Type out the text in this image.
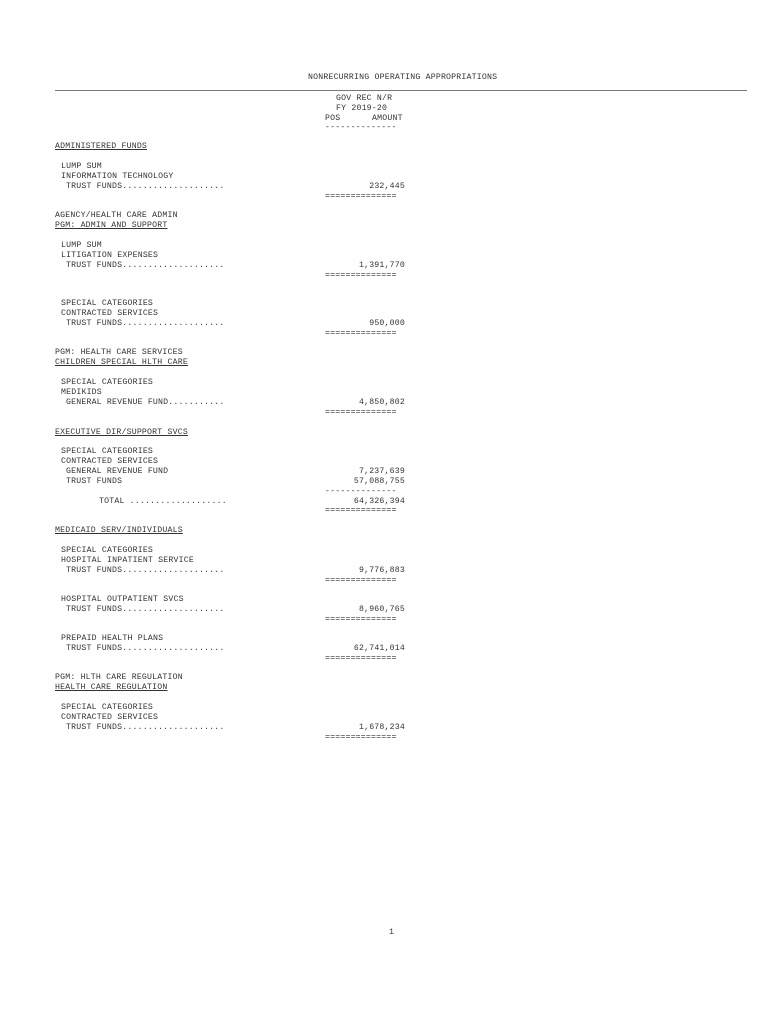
NONRECURRING OPERATING APPROPRIATIONS
GOV REC N/R
FY 2019-20
POS	AMOUNT
--------------
ADMINISTERED FUNDS
LUMP SUM
INFORMATION TECHNOLOGY
TRUST FUNDS....................	232,445
==============
AGENCY/HEALTH CARE ADMIN
PGM: ADMIN AND SUPPORT
LUMP SUM
LITIGATION EXPENSES
TRUST FUNDS....................	1,391,770
==============
SPECIAL CATEGORIES
CONTRACTED SERVICES
TRUST FUNDS....................	950,000
==============
PGM: HEALTH CARE SERVICES
CHILDREN SPECIAL HLTH CARE
SPECIAL CATEGORIES
MEDIKIDS
GENERAL REVENUE FUND...........	4,850,802
==============
EXECUTIVE DIR/SUPPORT SVCS
SPECIAL CATEGORIES
CONTRACTED SERVICES
GENERAL REVENUE FUND	7,237,639
TRUST FUNDS	57,088,755
--------------
TOTAL ...................	64,326,394
==============
MEDICAID SERV/INDIVIDUALS
SPECIAL CATEGORIES
HOSPITAL INPATIENT SERVICE
TRUST FUNDS....................	9,776,883
==============
HOSPITAL OUTPATIENT SVCS
TRUST FUNDS....................	8,960,765
==============
PREPAID HEALTH PLANS
TRUST FUNDS....................	62,741,014
==============
PGM: HLTH CARE REGULATION
HEALTH CARE REGULATION
SPECIAL CATEGORIES
CONTRACTED SERVICES
TRUST FUNDS....................	1,678,234
==============
1
